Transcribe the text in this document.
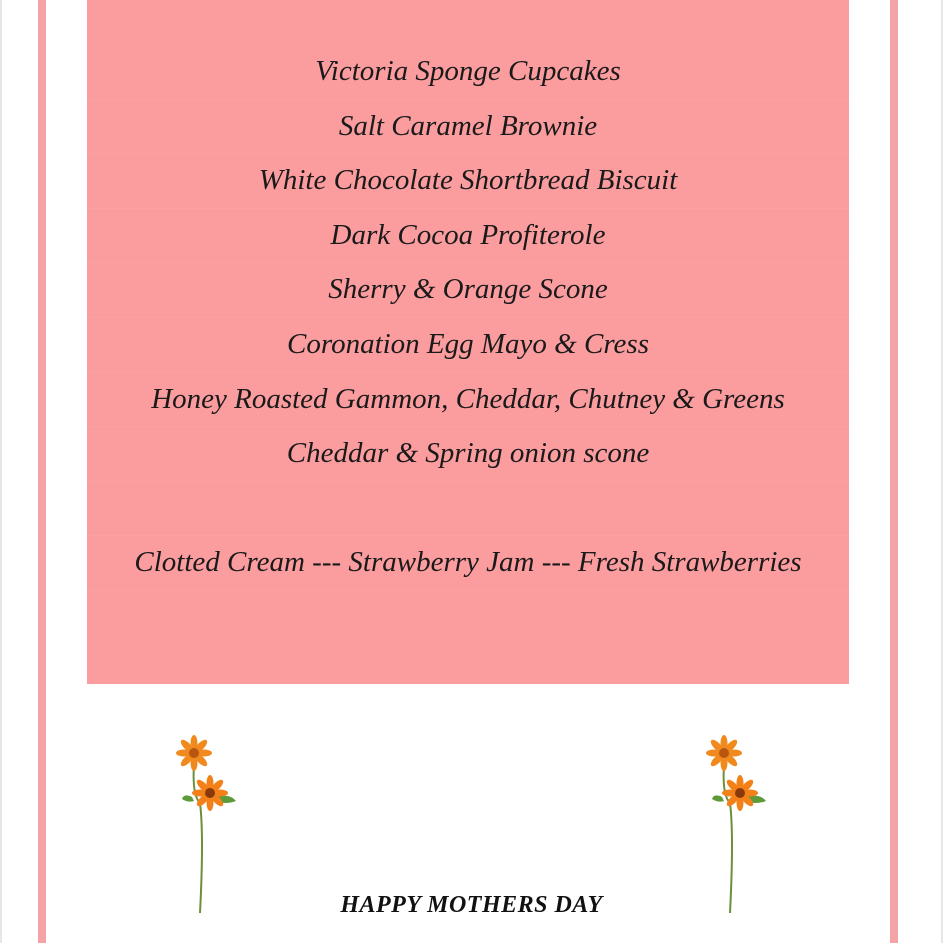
Victoria Sponge Cupcakes
Salt Caramel Brownie
White Chocolate Shortbread Biscuit
Dark Cocoa Profiterole
Sherry & Orange Scone
Coronation Egg Mayo & Cress
Honey Roasted Gammon, Cheddar, Chutney & Greens
Cheddar & Spring onion scone
Clotted Cream --- Strawberry Jam --- Fresh Strawberries
HAPPY MOTHERS DAY
